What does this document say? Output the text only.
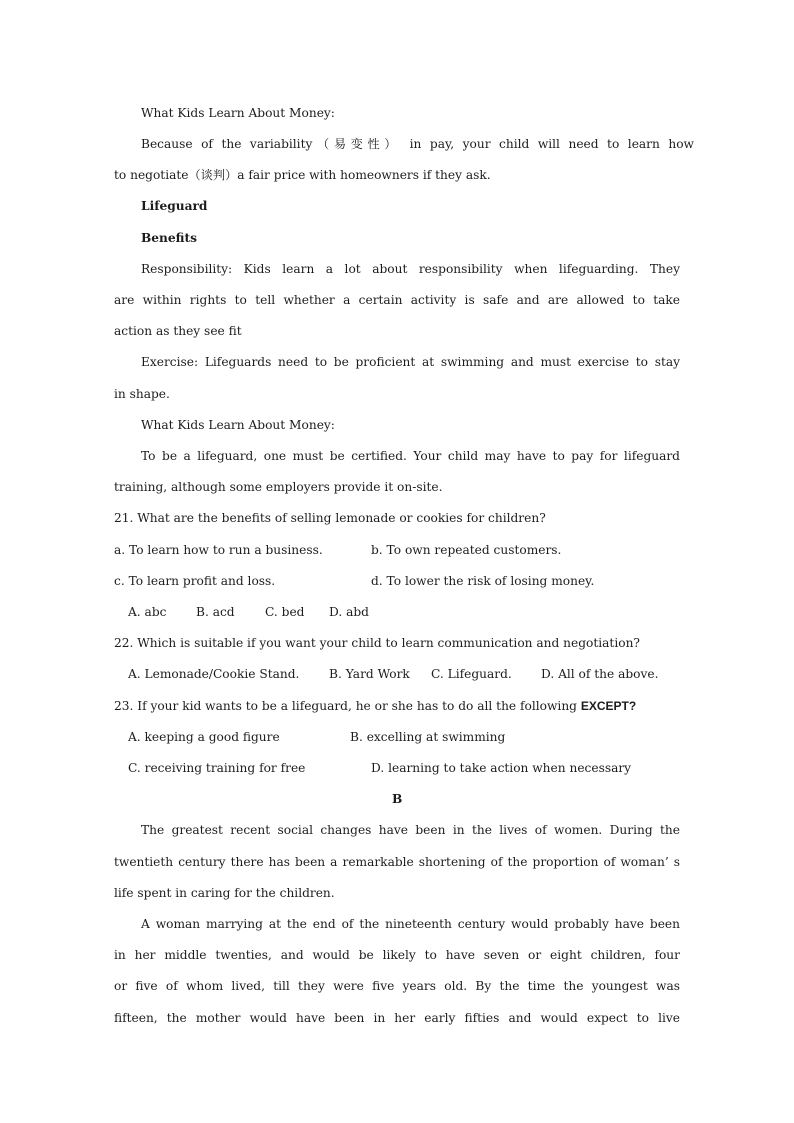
What Kids Learn About Money:
Because of the variability（易变性） in pay, your child will need to learn how
to negotiate（谈判）a fair price with homeowners if they ask.
Lifeguard
Benefits
Responsibility: Kids learn a lot about responsibility when lifeguarding. They
are within rights to tell whether a certain activity is safe and are allowed to take
action as they see fit
Exercise: Lifeguards need to be proficient at swimming and must exercise to stay
in shape.
What Kids Learn About Money:
To be a lifeguard, one must be certified. Your child may have to pay for lifeguard
training, although some employers provide it on-site.
21. What are the benefits of selling lemonade or cookies for children?
a. To learn how to run a business.	b. To own repeated customers.
c. To learn profit and loss.	d. To lower the risk of losing money.
A. abc B. acd C. bed D. abd
22. Which is suitable if you want your child to learn communication and negotiation?
A. Lemonade/Cookie Stand. B. Yard Work C. Lifeguard. D. All of the above.
23. If your kid wants to be a lifeguard, he or she has to do all the following EXCEPT?
A. keeping a good figure	B. excelling at swimming
C. receiving training for free	D. learning to take action when necessary
B
The greatest recent social changes have been in the lives of women. During the
twentieth century there has been a remarkable shortening of the proportion of woman’ s
life spent in caring for the children.
A woman marrying at the end of the nineteenth century would probably have been
in her middle twenties, and would be likely to have seven or eight children, four
or five of whom lived, till they were five years old. By the time the youngest was
fifteen, the mother would have been in her early fifties and would expect to live
